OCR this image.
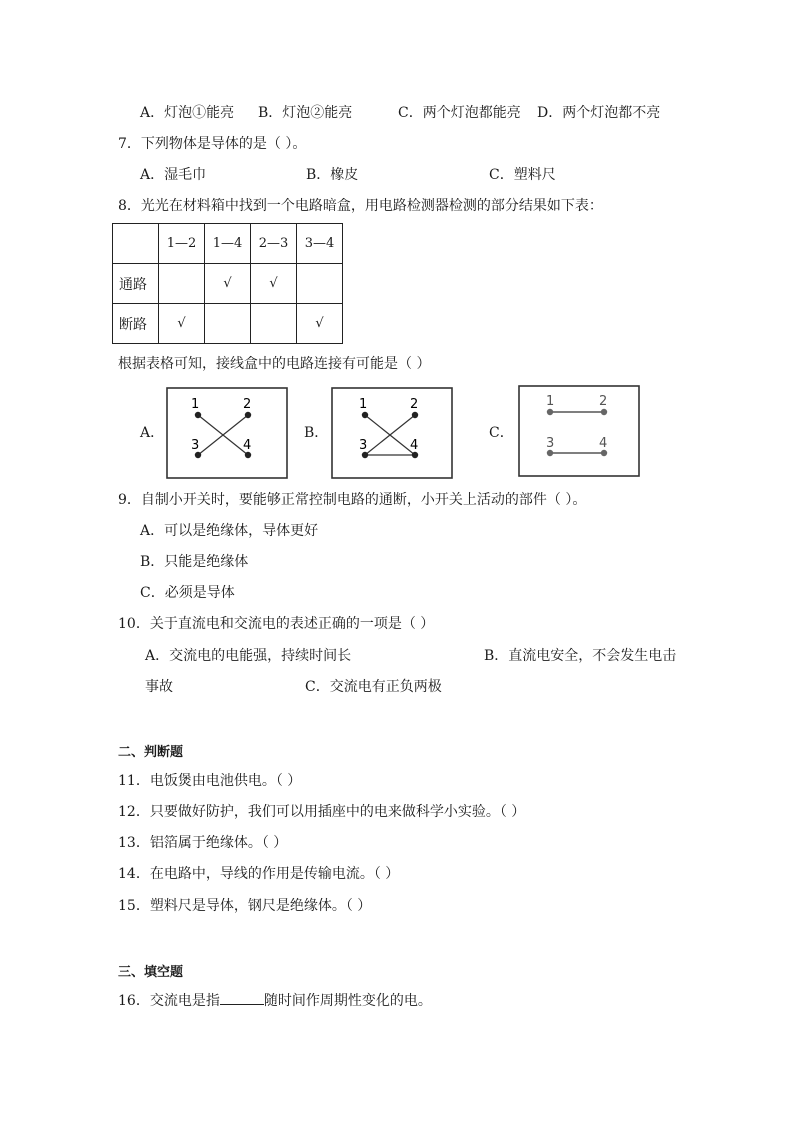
A．灯泡①能亮 B．灯泡②能亮	C．两个灯泡都能亮 D．两个灯泡都不亮
7．下列物体是导体的是（ ）。
A．湿毛巾	B．橡皮	C．塑料尺
8．光光在材料箱中找到一个电路暗盒，用电路检测器检测的部分结果如下表：
	1—2	1—4	2—3	3—4
通路		√	√	
断路	√			√
根据表格可知，接线盒中的电路连接有可能是（ ）
A．
1	2
3	4
B．
1	2
3	4
C．
1	2
3	4
9．自制小开关时，要能够正常控制电路的通断，小开关上活动的部件（ ）。
A．可以是绝缘体，导体更好
B．只能是绝缘体
C．必须是导体
10．关于直流电和交流电的表述正确的一项是（ ）
A．交流电的电能强，持续时间长	B．直流电安全，不会发生电击
事故	C．交流电有正负两极
二、判断题
11．电饭煲由电池供电。（ ）
12．只要做好防护，我们可以用插座中的电来做科学小实验。（ ）
13．铝箔属于绝缘体。（ ）
14．在电路中，导线的作用是传输电流。（ ）
15．塑料尺是导体，钢尺是绝缘体。（ ）
三、填空题
16．交流电是指	随时间作周期性变化的电。
